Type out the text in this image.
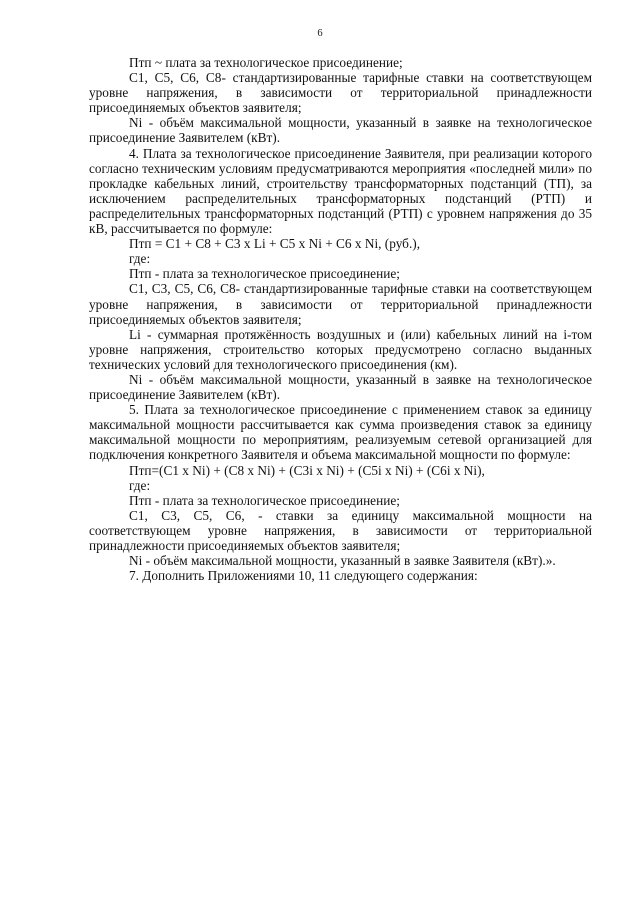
6

Птп ~ плата за технологическое присоединение;

С1, С5, С6, С8- стандартизированные тарифные ставки на соответствующем уровне напряжения, в зависимости от территориальной принадлежности присоединяемых объектов заявителя;

Ni - объём максимальной мощности, указанный в заявке на технологическое присоединение Заявителем (кВт).

4. Плата за технологическое присоединение Заявителя, при реализации которого согласно техническим условиям предусматриваются мероприятия «последней мили» по прокладке кабельных линий, строительству трансформаторных подстанций (ТП), за исключением распределительных трансформаторных подстанций (РТП) и распределительных трансформаторных подстанций (РТП) с уровнем напряжения до 35 кВ, рассчитывается по формуле:

Птп = С1 + С8 + С3 х Li + С5 х Ni + С6 х Ni, (руб.),

где:

Птп - плата за технологическое присоединение;

С1, С3, С5, С6, С8- стандартизированные тарифные ставки на соответствующем уровне напряжения, в зависимости от территориальной принадлежности присоединяемых объектов заявителя;

Li - суммарная протяжённость воздушных и (или) кабельных линий на i-том уровне напряжения, строительство которых предусмотрено согласно выданных технических условий для технологического присоединения (км).

Ni - объём максимальной мощности, указанный в заявке на технологическое присоединение Заявителем (кВт).

5. Плата за технологическое присоединение с применением ставок за единицу максимальной мощности рассчитывается как сумма произведения ставок за единицу максимальной мощности по мероприятиям, реализуемым сетевой организацией для подключения конкретного Заявителя и объема максимальной мощности по формуле:

Птп=(С1 х Ni) + (С8 х Ni) + (С3i х Ni) + (С5i х Ni) + (С6i х Ni),

где:

Птп - плата за технологическое присоединение;

С1, С3, С5, С6, - ставки за единицу максимальной мощности на соответствующем уровне напряжения, в зависимости от территориальной принадлежности присоединяемых объектов заявителя;

Ni - объём максимальной мощности, указанный в заявке Заявителя (кВт).».

7. Дополнить Приложениями 10, 11 следующего содержания:
